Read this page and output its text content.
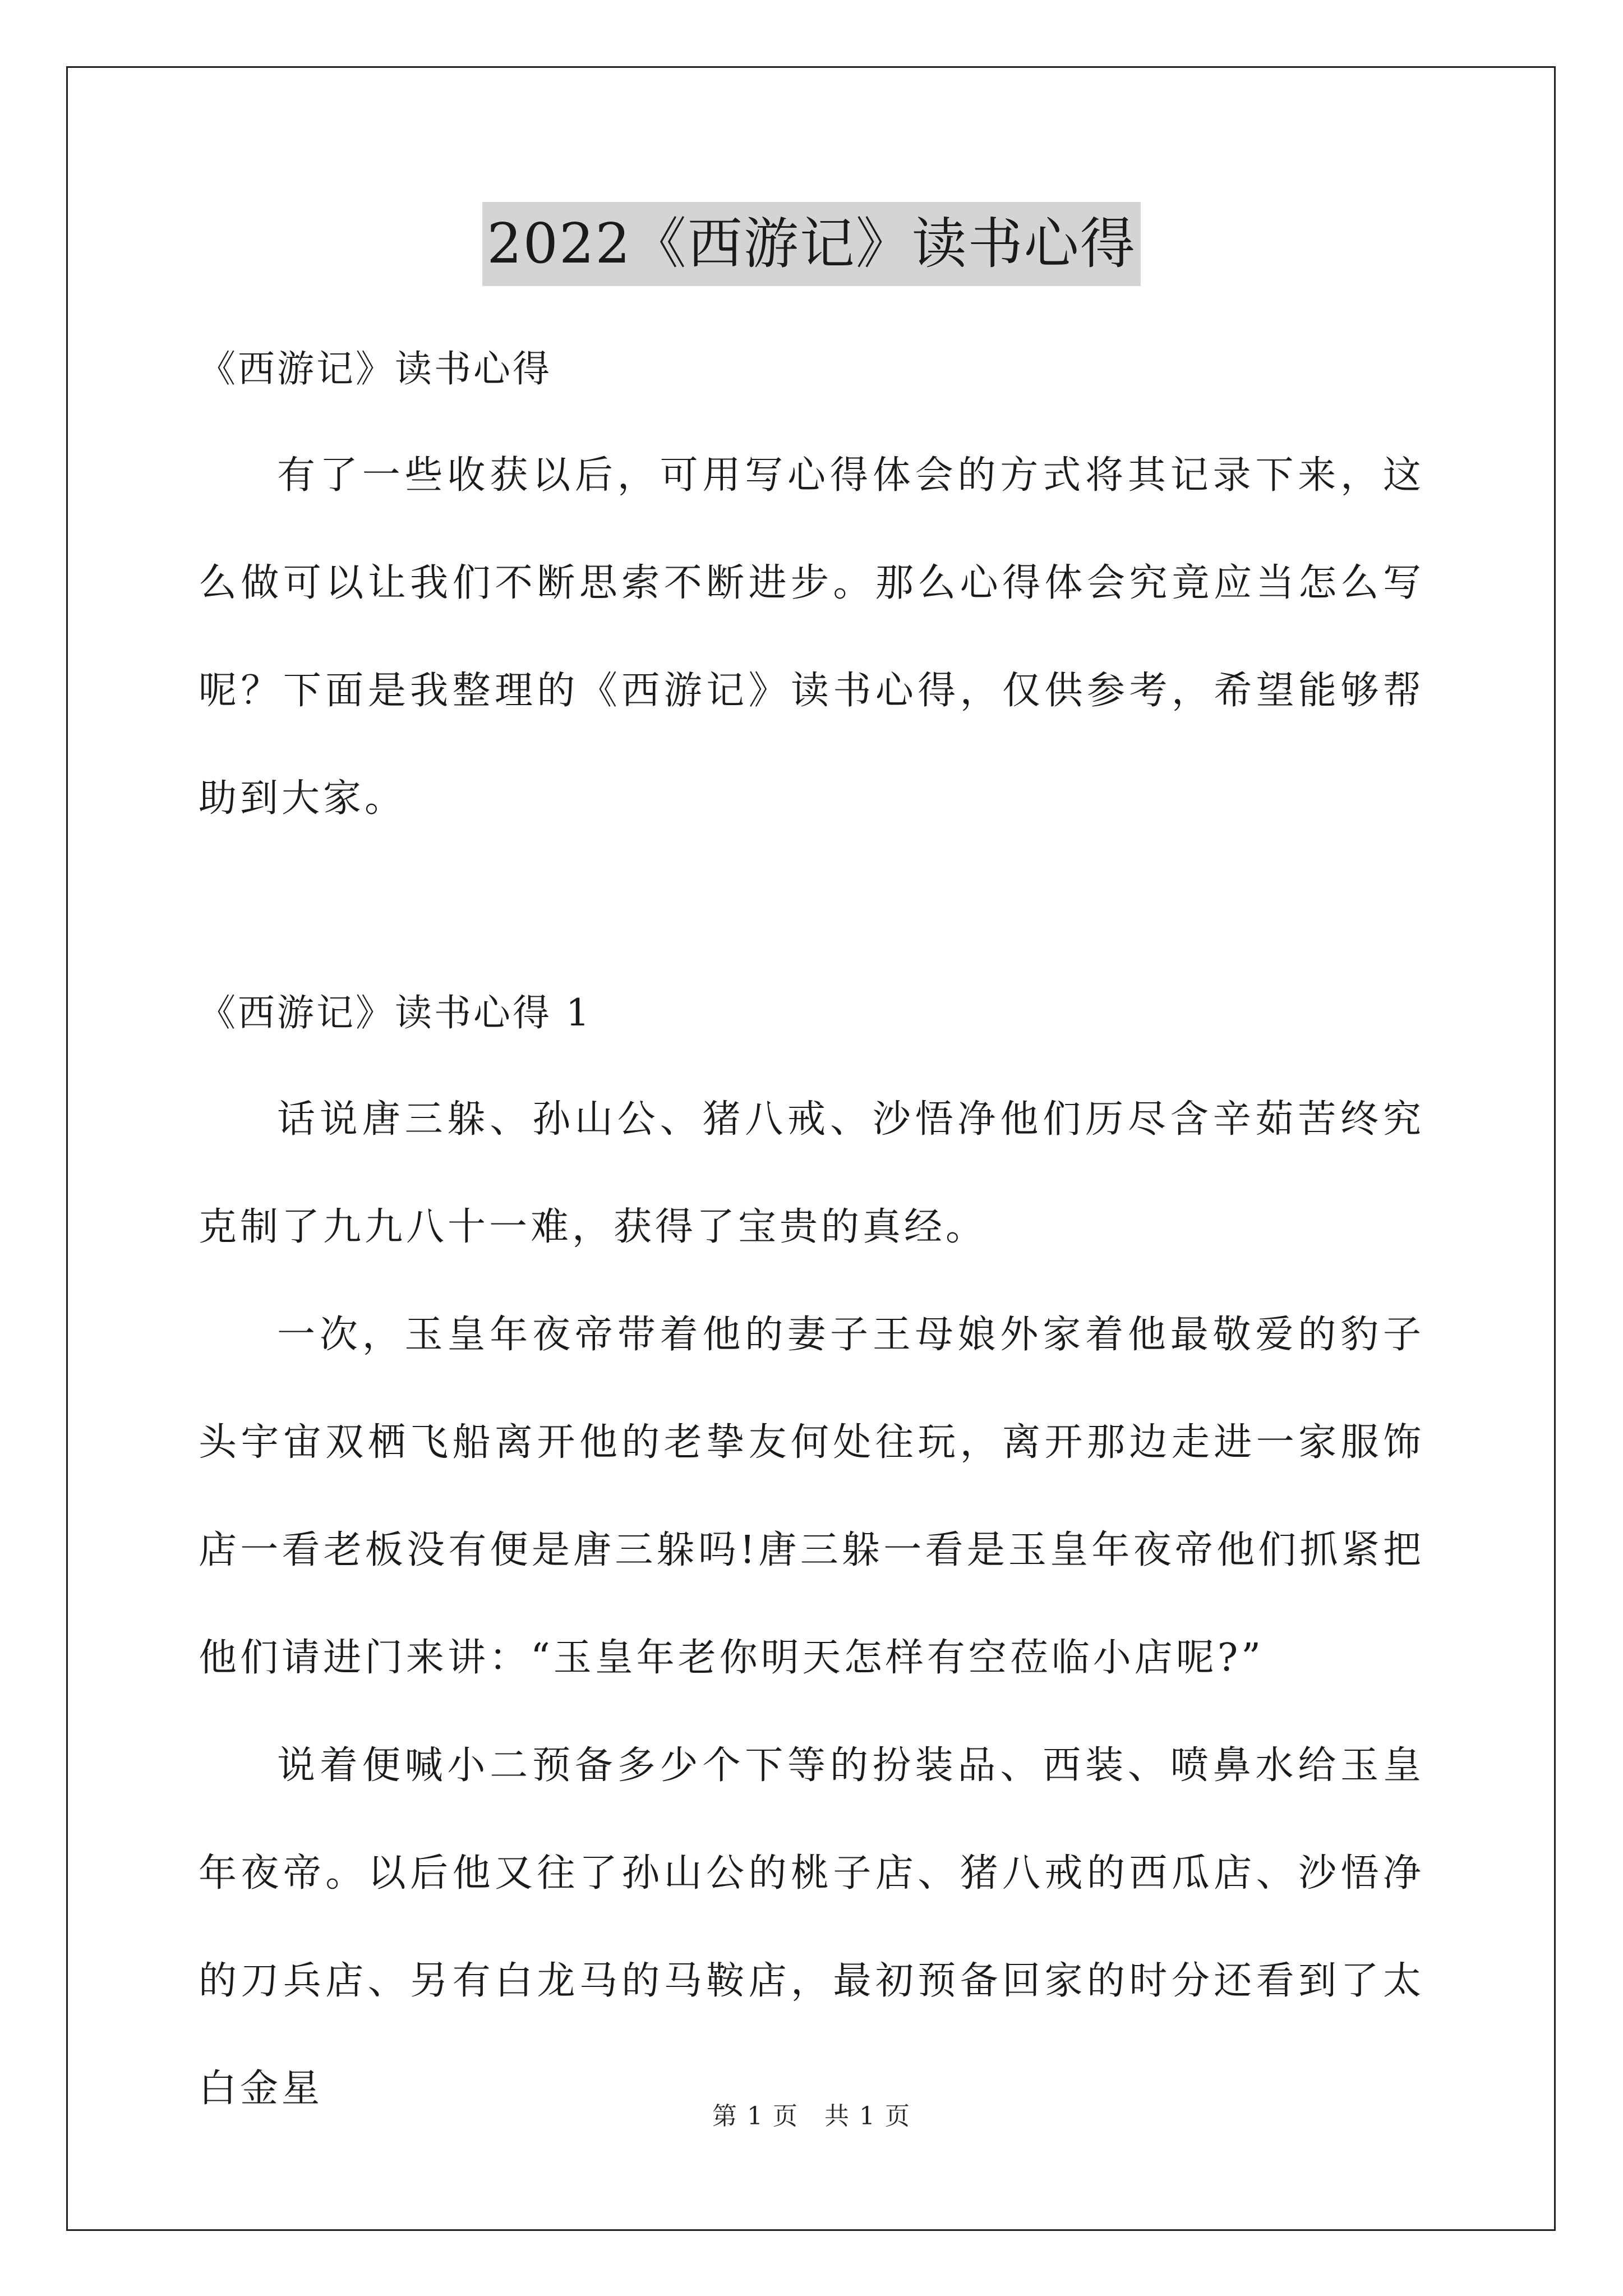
2022《西游记》读书心得
《西游记》读书心得

有了一些收获以后，可用写心得体会的方式将其记录下来，这么做可以让我们不断思索不断进步。那么心得体会究竟应当怎么写呢？下面是我整理的《西游记》读书心得，仅供参考，希望能够帮助到大家。

《西游记》读书心得 1

话说唐三躲、孙山公、猪八戒、沙悟净他们历尽含辛茹苦终究克制了九九八十一难，获得了宝贵的真经。

一次，玉皇年夜帝带着他的妻子王母娘外家着他最敬爱的豹子头宇宙双栖飞船离开他的老挚友何处往玩，离开那边走进一家服饰店一看老板没有便是唐三躲吗!唐三躲一看是玉皇年夜帝他们抓紧把他们请进门来讲：“玉皇年老你明天怎样有空莅临小店呢?”

说着便喊小二预备多少个下等的扮装品、西装、喷鼻水给玉皇年夜帝。以后他又往了孙山公的桃子店、猪八戒的西瓜店、沙悟净的刀兵店、另有白龙马的马鞍店，最初预备回家的时分还看到了太白金星

第 1 页　共 1 页
